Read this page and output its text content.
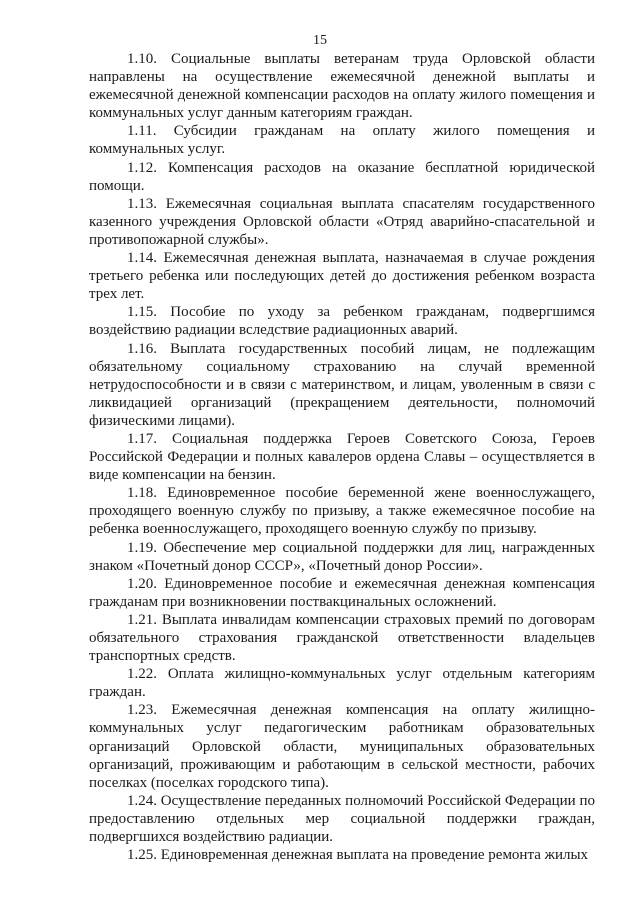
15

1.10. Социальные выплаты ветеранам труда Орловской области направлены на осуществление ежемесячной денежной выплаты и ежемесячной денежной компенсации расходов на оплату жилого помещения и коммунальных услуг данным категориям граждан.

1.11. Субсидии гражданам на оплату жилого помещения и коммунальных услуг.

1.12. Компенсация расходов на оказание бесплатной юридической помощи.

1.13. Ежемесячная социальная выплата спасателям государственного казенного учреждения Орловской области «Отряд аварийно-спасательной и противопожарной службы».

1.14. Ежемесячная денежная выплата, назначаемая в случае рождения третьего ребенка или последующих детей до достижения ребенком возраста трех лет.

1.15. Пособие по уходу за ребенком гражданам, подвергшимся воздействию радиации вследствие радиационных аварий.

1.16. Выплата государственных пособий лицам, не подлежащим обязательному социальному страхованию на случай временной нетрудоспособности и в связи с материнством, и лицам, уволенным в связи с ликвидацией организаций (прекращением деятельности, полномочий физическими лицами).

1.17. Социальная поддержка Героев Советского Союза, Героев Российской Федерации и полных кавалеров ордена Славы – осуществляется в виде компенсации на бензин.

1.18. Единовременное пособие беременной жене военнослужащего, проходящего военную службу по призыву, а также ежемесячное пособие на ребенка военнослужащего, проходящего военную службу по призыву.

1.19. Обеспечение мер социальной поддержки для лиц, награжденных знаком «Почетный донор СССР», «Почетный донор России».

1.20. Единовременное пособие и ежемесячная денежная компенсация гражданам при возникновении поствакцинальных осложнений.

1.21. Выплата инвалидам компенсации страховых премий по договорам обязательного страхования гражданской ответственности владельцев транспортных средств.

1.22. Оплата жилищно-коммунальных услуг отдельным категориям граждан.

1.23. Ежемесячная денежная компенсация на оплату жилищно-коммунальных услуг педагогическим работникам образовательных организаций Орловской области, муниципальных образовательных организаций, проживающим и работающим в сельской местности, рабочих поселках (поселках городского типа).

1.24. Осуществление переданных полномочий Российской Федерации по предоставлению отдельных мер социальной поддержки граждан, подвергшихся воздействию радиации.

1.25. Единовременная денежная выплата на проведение ремонта жилых
